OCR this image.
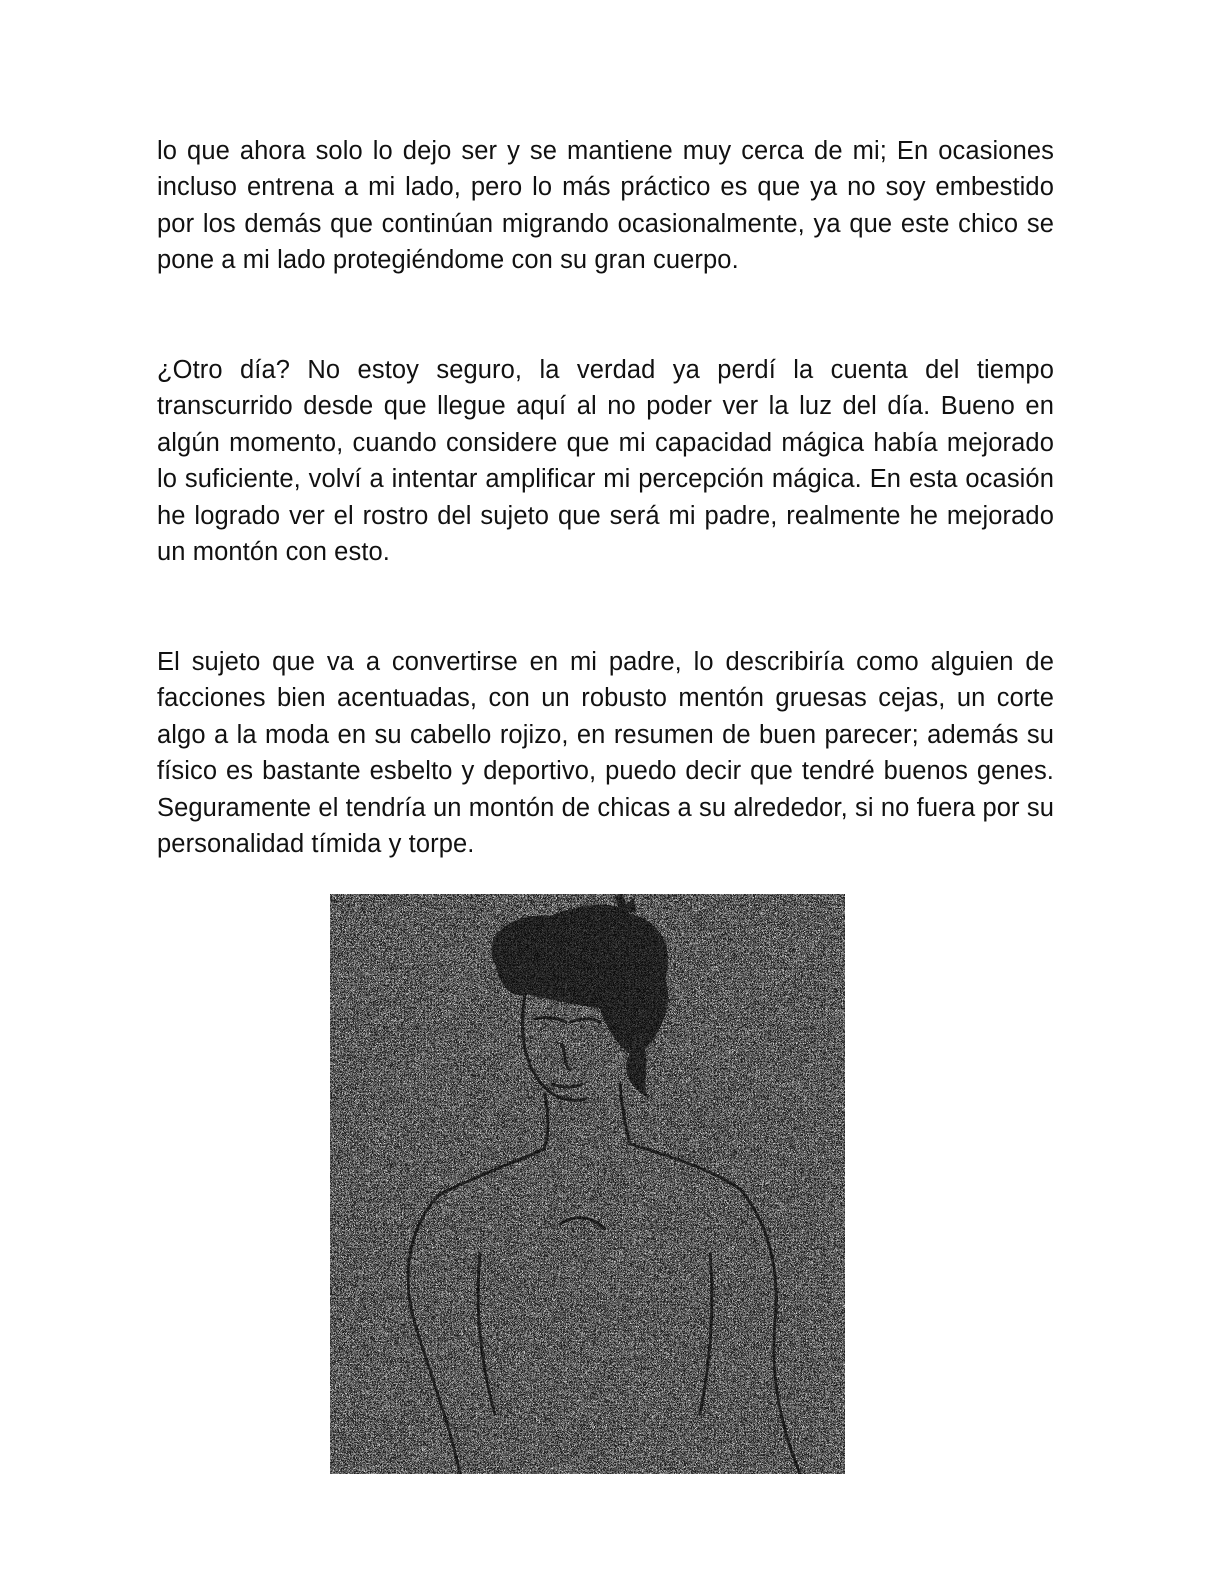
lo que ahora solo lo dejo ser y se mantiene muy cerca de mi; En ocasiones incluso entrena a mi lado, pero lo más práctico es que ya no soy embestido por los demás que continúan migrando ocasionalmente, ya que este chico se pone a mi lado protegiéndome con su gran cuerpo.

¿Otro día? No estoy seguro, la verdad ya perdí la cuenta del tiempo transcurrido desde que llegue aquí al no poder ver la luz del día. Bueno en algún momento, cuando considere que mi capacidad mágica había mejorado lo suficiente, volví a intentar amplificar mi percepción mágica. En esta ocasión he logrado ver el rostro del sujeto que será mi padre, realmente he mejorado un montón con esto.

El sujeto que va a convertirse en mi padre, lo describiría como alguien de facciones bien acentuadas, con un robusto mentón gruesas cejas, un corte algo a la moda en su cabello rojizo, en resumen de buen parecer; además su físico es bastante esbelto y deportivo, puedo decir que tendré buenos genes. Seguramente el tendría un montón de chicas a su alrededor, si no fuera por su personalidad tímida y torpe.
